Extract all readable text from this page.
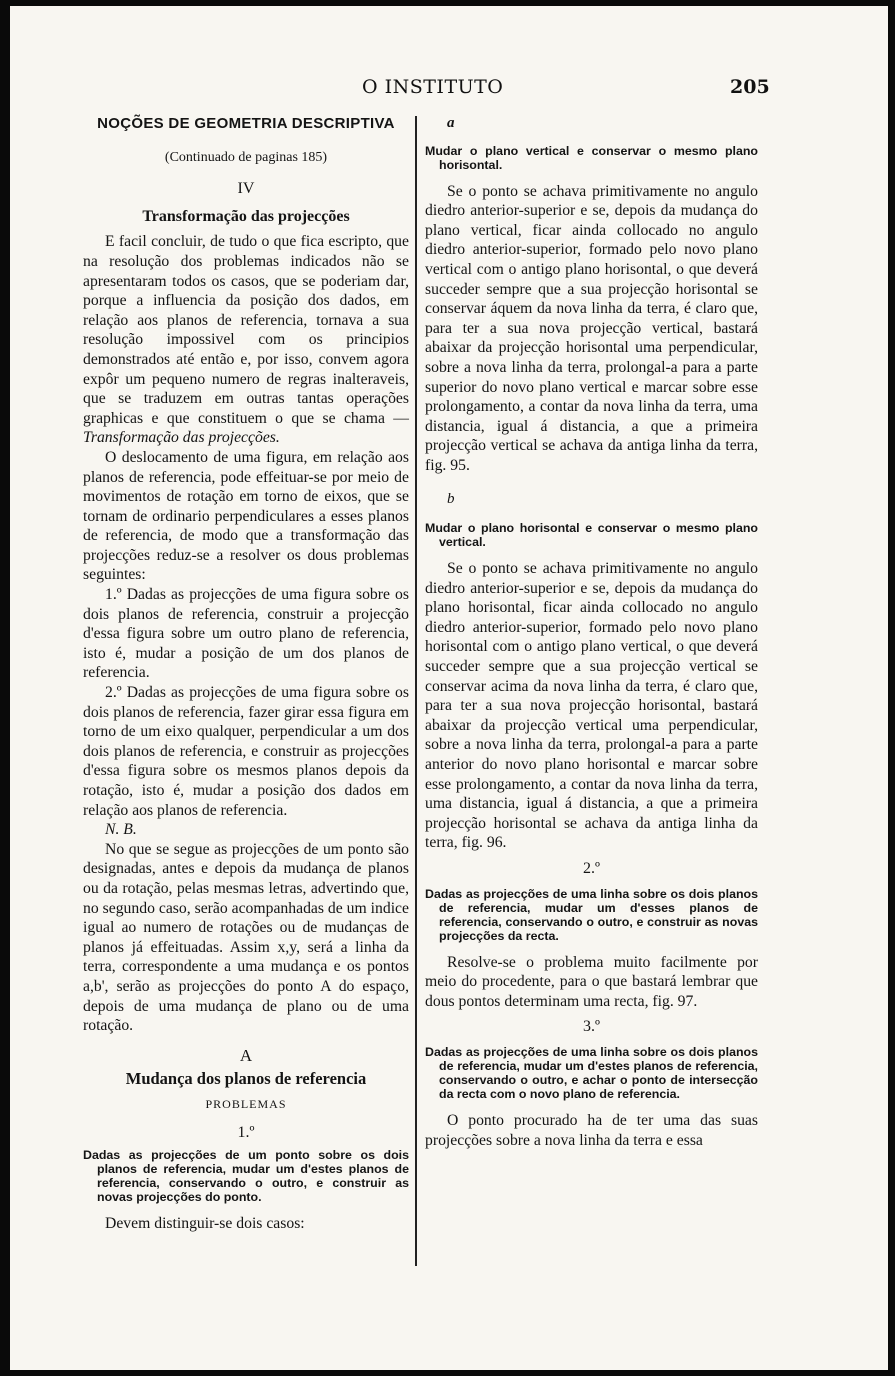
O INSTITUTO	205
NOÇÕES DE GEOMETRIA DESCRIPTIVA
(Continuado de paginas 185)
IV
Transformação das projecções

E facil concluir, de tudo o que fica escripto, que na resolução dos problemas indicados não se apresentaram todos os casos, que se poderiam dar, porque a influencia da posição dos dados, em relação aos planos de referencia, tornava a sua resolução impossivel com os principios demonstrados até então e, por isso, convem agora expôr um pequeno numero de regras inalteraveis, que se traduzem em outras tantas operações graphicas e que constituem o que se chama — Transformação das projecções.

O deslocamento de uma figura, em relação aos planos de referencia, pode effeituar-se por meio de movimentos de rotação em torno de eixos, que se tornam de ordinario perpendiculares a esses planos de referencia, de modo que a transformação das projecções reduz-se a resolver os dous problemas seguintes:

1.º Dadas as projecções de uma figura sobre os dois planos de referencia, construir a projecção d'essa figura sobre um outro plano de referencia, isto é, mudar a posição de um dos planos de referencia.

2.º Dadas as projecções de uma figura sobre os dois planos de referencia, fazer girar essa figura em torno de um eixo qualquer, perpendicular a um dos dois planos de referencia, e construir as projecções d'essa figura sobre os mesmos planos depois da rotação, isto é, mudar a posição dos dados em relação aos planos de referencia.

N. B.

No que se segue as projecções de um ponto são designadas, antes e depois da mudança de planos ou da rotação, pelas mesmas letras, advertindo que, no segundo caso, serão acompanhadas de um indice igual ao numero de rotações ou de mudanças de planos já effeituadas. Assim x,y, será a linha da terra, correspondente a uma mudança e os pontos a,b', serão as projecções do ponto A do espaço, depois de uma mudança de plano ou de uma rotação.

A
Mudança dos planos de referencia
PROBLEMAS
1.º
Dadas as projecções de um ponto sobre os dois planos de referencia, mudar um d'estes planos de referencia, conservando o outro, e construir as novas projecções do ponto.

Devem distinguir-se dois casos:

a
Mudar o plano vertical e conservar o mesmo plano horisontal.

Se o ponto se achava primitivamente no angulo diedro anterior-superior e se, depois da mudança do plano vertical, ficar ainda collocado no angulo diedro anterior-superior, formado pelo novo plano vertical com o antigo plano horisontal, o que deverá succeder sempre que a sua projecção horisontal se conservar áquem da nova linha da terra, é claro que, para ter a sua nova projecção vertical, bastará abaixar da projecção horisontal uma perpendicular, sobre a nova linha da terra, prolongal-a para a parte superior do novo plano vertical e marcar sobre esse prolongamento, a contar da nova linha da terra, uma distancia, igual á distancia, a que a primeira projecção vertical se achava da antiga linha da terra, fig. 95.

b
Mudar o plano horisontal e conservar o mesmo plano vertical.

Se o ponto se achava primitivamente no angulo diedro anterior-superior e se, depois da mudança do plano horisontal, ficar ainda collocado no angulo diedro anterior-superior, formado pelo novo plano horisontal com o antigo plano vertical, o que deverá succeder sempre que a sua projecção vertical se conservar acima da nova linha da terra, é claro que, para ter a sua nova projecção horisontal, bastará abaixar da projecção vertical uma perpendicular, sobre a nova linha da terra, prolongal-a para a parte anterior do novo plano horisontal e marcar sobre esse prolongamento, a contar da nova linha da terra, uma distancia, igual á distancia, a que a primeira projecção horisontal se achava da antiga linha da terra, fig. 96.

2.º
Dadas as projecções de uma linha sobre os dois planos de referencia, mudar um d'esses planos de referencia, conservando o outro, e construir as novas projecções da recta.

Resolve-se o problema muito facilmente por meio do procedente, para o que bastará lembrar que dous pontos determinam uma recta, fig. 97.

3.º
Dadas as projecções de uma linha sobre os dois planos de referencia, mudar um d'estes planos de referencia, conservando o outro, e achar o ponto de intersecção da recta com o novo plano de referencia.

O ponto procurado ha de ter uma das suas projecções sobre a nova linha da terra e essa
